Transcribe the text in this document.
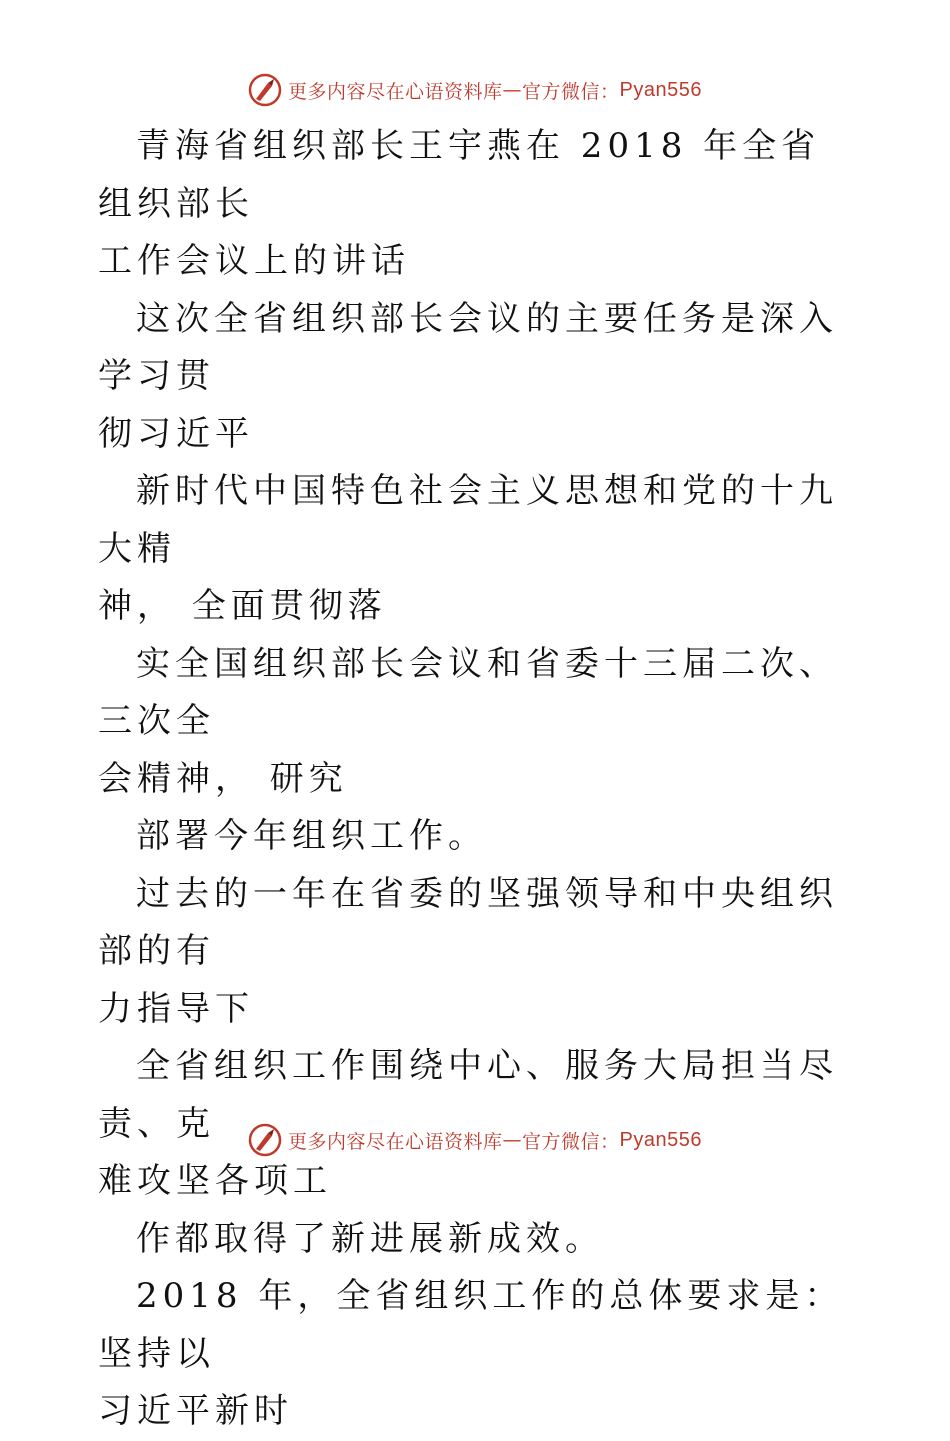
更多内容尽在心语资料库 — 官方微信： Pyan556

青海省组织部长王宇燕在 2018 年全省组织部长
工作会议上的讲话

这次全省组织部长会议的主要任务是深入学习贯
彻习近平

新时代中国特色社会主义思想和党的十九大精
神， 全面贯彻落

实全国组织部长会议和省委十三届二次、三次全
会精神， 研究

部署今年组织工作。

过去的一年在省委的坚强领导和中央组织部的有
力指导下

全省组织工作围绕中心、服务大局担当尽责、克
难攻坚各项工

作都取得了新进展新成效。

2018 年，全省组织工作的总体要求是：坚持以
习近平新时

更多内容尽在心语资料库 — 官方微信： Pyan556
